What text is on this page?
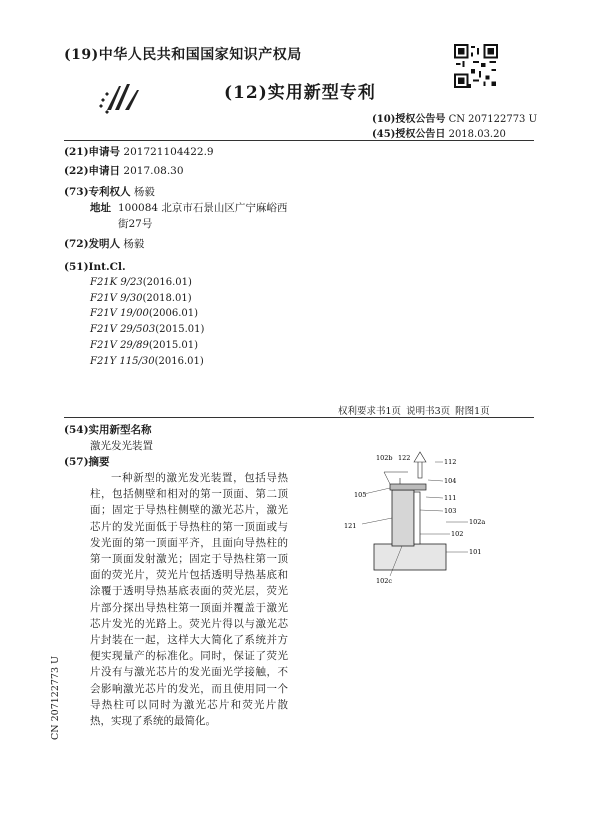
(19)中华人民共和国国家知识产权局
(12)实用新型专利
(10)授权公告号 CN 207122773 U
(45)授权公告日 2018.03.20
(21)申请号 201721104422.9
(22)申请日 2017.08.30
(73)专利权人 杨毅
地址 100084 北京市石景山区广宁麻峪西街27号
(72)发明人 杨毅
(51)Int.Cl.
F21K 9/23(2016.01)
F21V 9/30(2018.01)
F21V 19/00(2006.01)
F21V 29/503(2015.01)
F21V 29/89(2015.01)
F21Y 115/30(2016.01)
权利要求书1页 说明书3页 附图1页
(54)实用新型名称
激光发光装置
(57)摘要
一种新型的激光发光装置，包括导热柱，包括侧壁和相对的第一顶面、第二顶面；固定于导热柱侧壁的激光芯片，激光芯片的发光面低于导热柱的第一顶面或与发光面的第一顶面平齐，且面向导热柱的第一顶面发射激光；固定于导热柱第一顶面的荧光片，荧光片包括透明导热基底和涂覆于透明导热基底表面的荧光层，荧光片部分探出导热柱第一顶面并覆盖于激光芯片发光的光路上。荧光片得以与激光芯片封装在一起，这样大大简化了系统并方便实现量产的标准化。同时，保证了荧光片没有与激光芯片的发光面光学接触，不会影响激光芯片的发光，而且使用同一个导热柱可以同时为激光芯片和荧光片散热，实现了系统的最简化。
102b 122	112
104
105	111
103
102a
121
102
101
102c
CN 207122773 U
